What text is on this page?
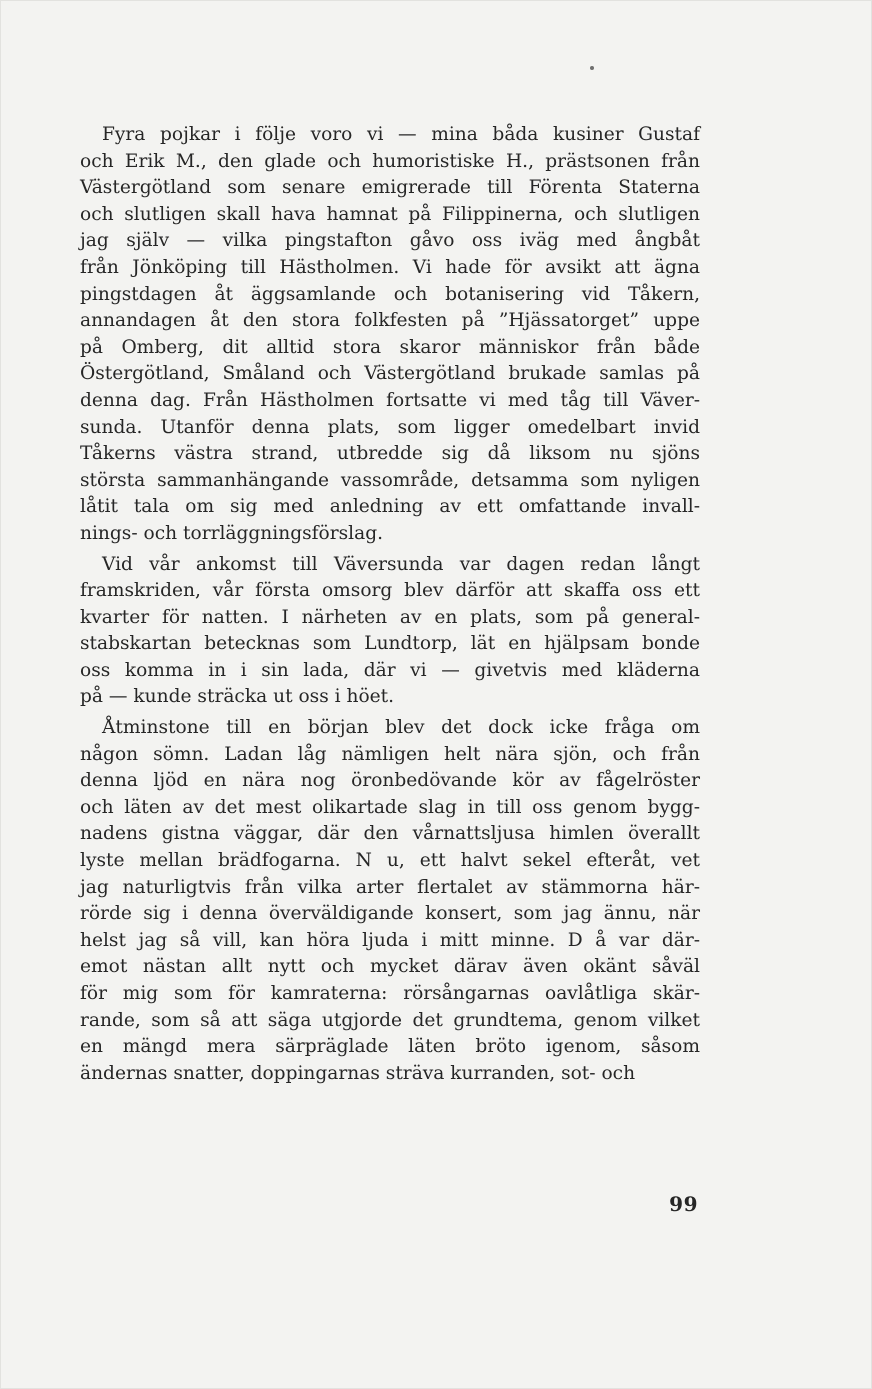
Fyra pojkar i följe voro vi — mina båda kusiner Gustaf
och Erik M., den glade och humoristiske H., prästsonen från
Västergötland som senare emigrerade till Förenta Staterna
och slutligen skall hava hamnat på Filippinerna, och slutligen
jag själv — vilka pingstafton gåvo oss iväg med ångbåt
från Jönköping till Hästholmen. Vi hade för avsikt att ägna
pingstdagen åt äggsamlande och botanisering vid Tåkern,
annandagen åt den stora folkfesten på ”Hjässatorget” uppe
på Omberg, dit alltid stora skaror människor från både
Östergötland, Småland och Västergötland brukade samlas på
denna dag. Från Hästholmen fortsatte vi med tåg till Väver-
sunda. Utanför denna plats, som ligger omedelbart invid
Tåkerns västra strand, utbredde sig då liksom nu sjöns
största sammanhängande vassområde, detsamma som nyligen
låtit tala om sig med anledning av ett omfattande invall-
nings- och torrläggningsförslag.
Vid vår ankomst till Väversunda var dagen redan långt
framskriden, vår första omsorg blev därför att skaffa oss ett
kvarter för natten. I närheten av en plats, som på general-
stabskartan betecknas som Lundtorp, lät en hjälpsam bonde
oss komma in i sin lada, där vi — givetvis med kläderna
på — kunde sträcka ut oss i höet.
Åtminstone till en början blev det dock icke fråga om
någon sömn. Ladan låg nämligen helt nära sjön, och från
denna ljöd en nära nog öronbedövande kör av fågelröster
och läten av det mest olikartade slag in till oss genom bygg-
nadens gistna väggar, där den vårnattsljusa himlen överallt
lyste mellan brädfogarna. N u, ett halvt sekel efteråt, vet
jag naturligtvis från vilka arter flertalet av stämmorna här-
rörde sig i denna överväldigande konsert, som jag ännu, när
helst jag så vill, kan höra ljuda i mitt minne. D å var där-
emot nästan allt nytt och mycket därav även okänt såväl
för mig som för kamraterna: rörsångarnas oavlåtliga skär-
rande, som så att säga utgjorde det grundtema, genom vilket
en mängd mera särpräglade läten bröto igenom, såsom
ändernas snatter, doppingarnas sträva kurranden, sot- och
99
